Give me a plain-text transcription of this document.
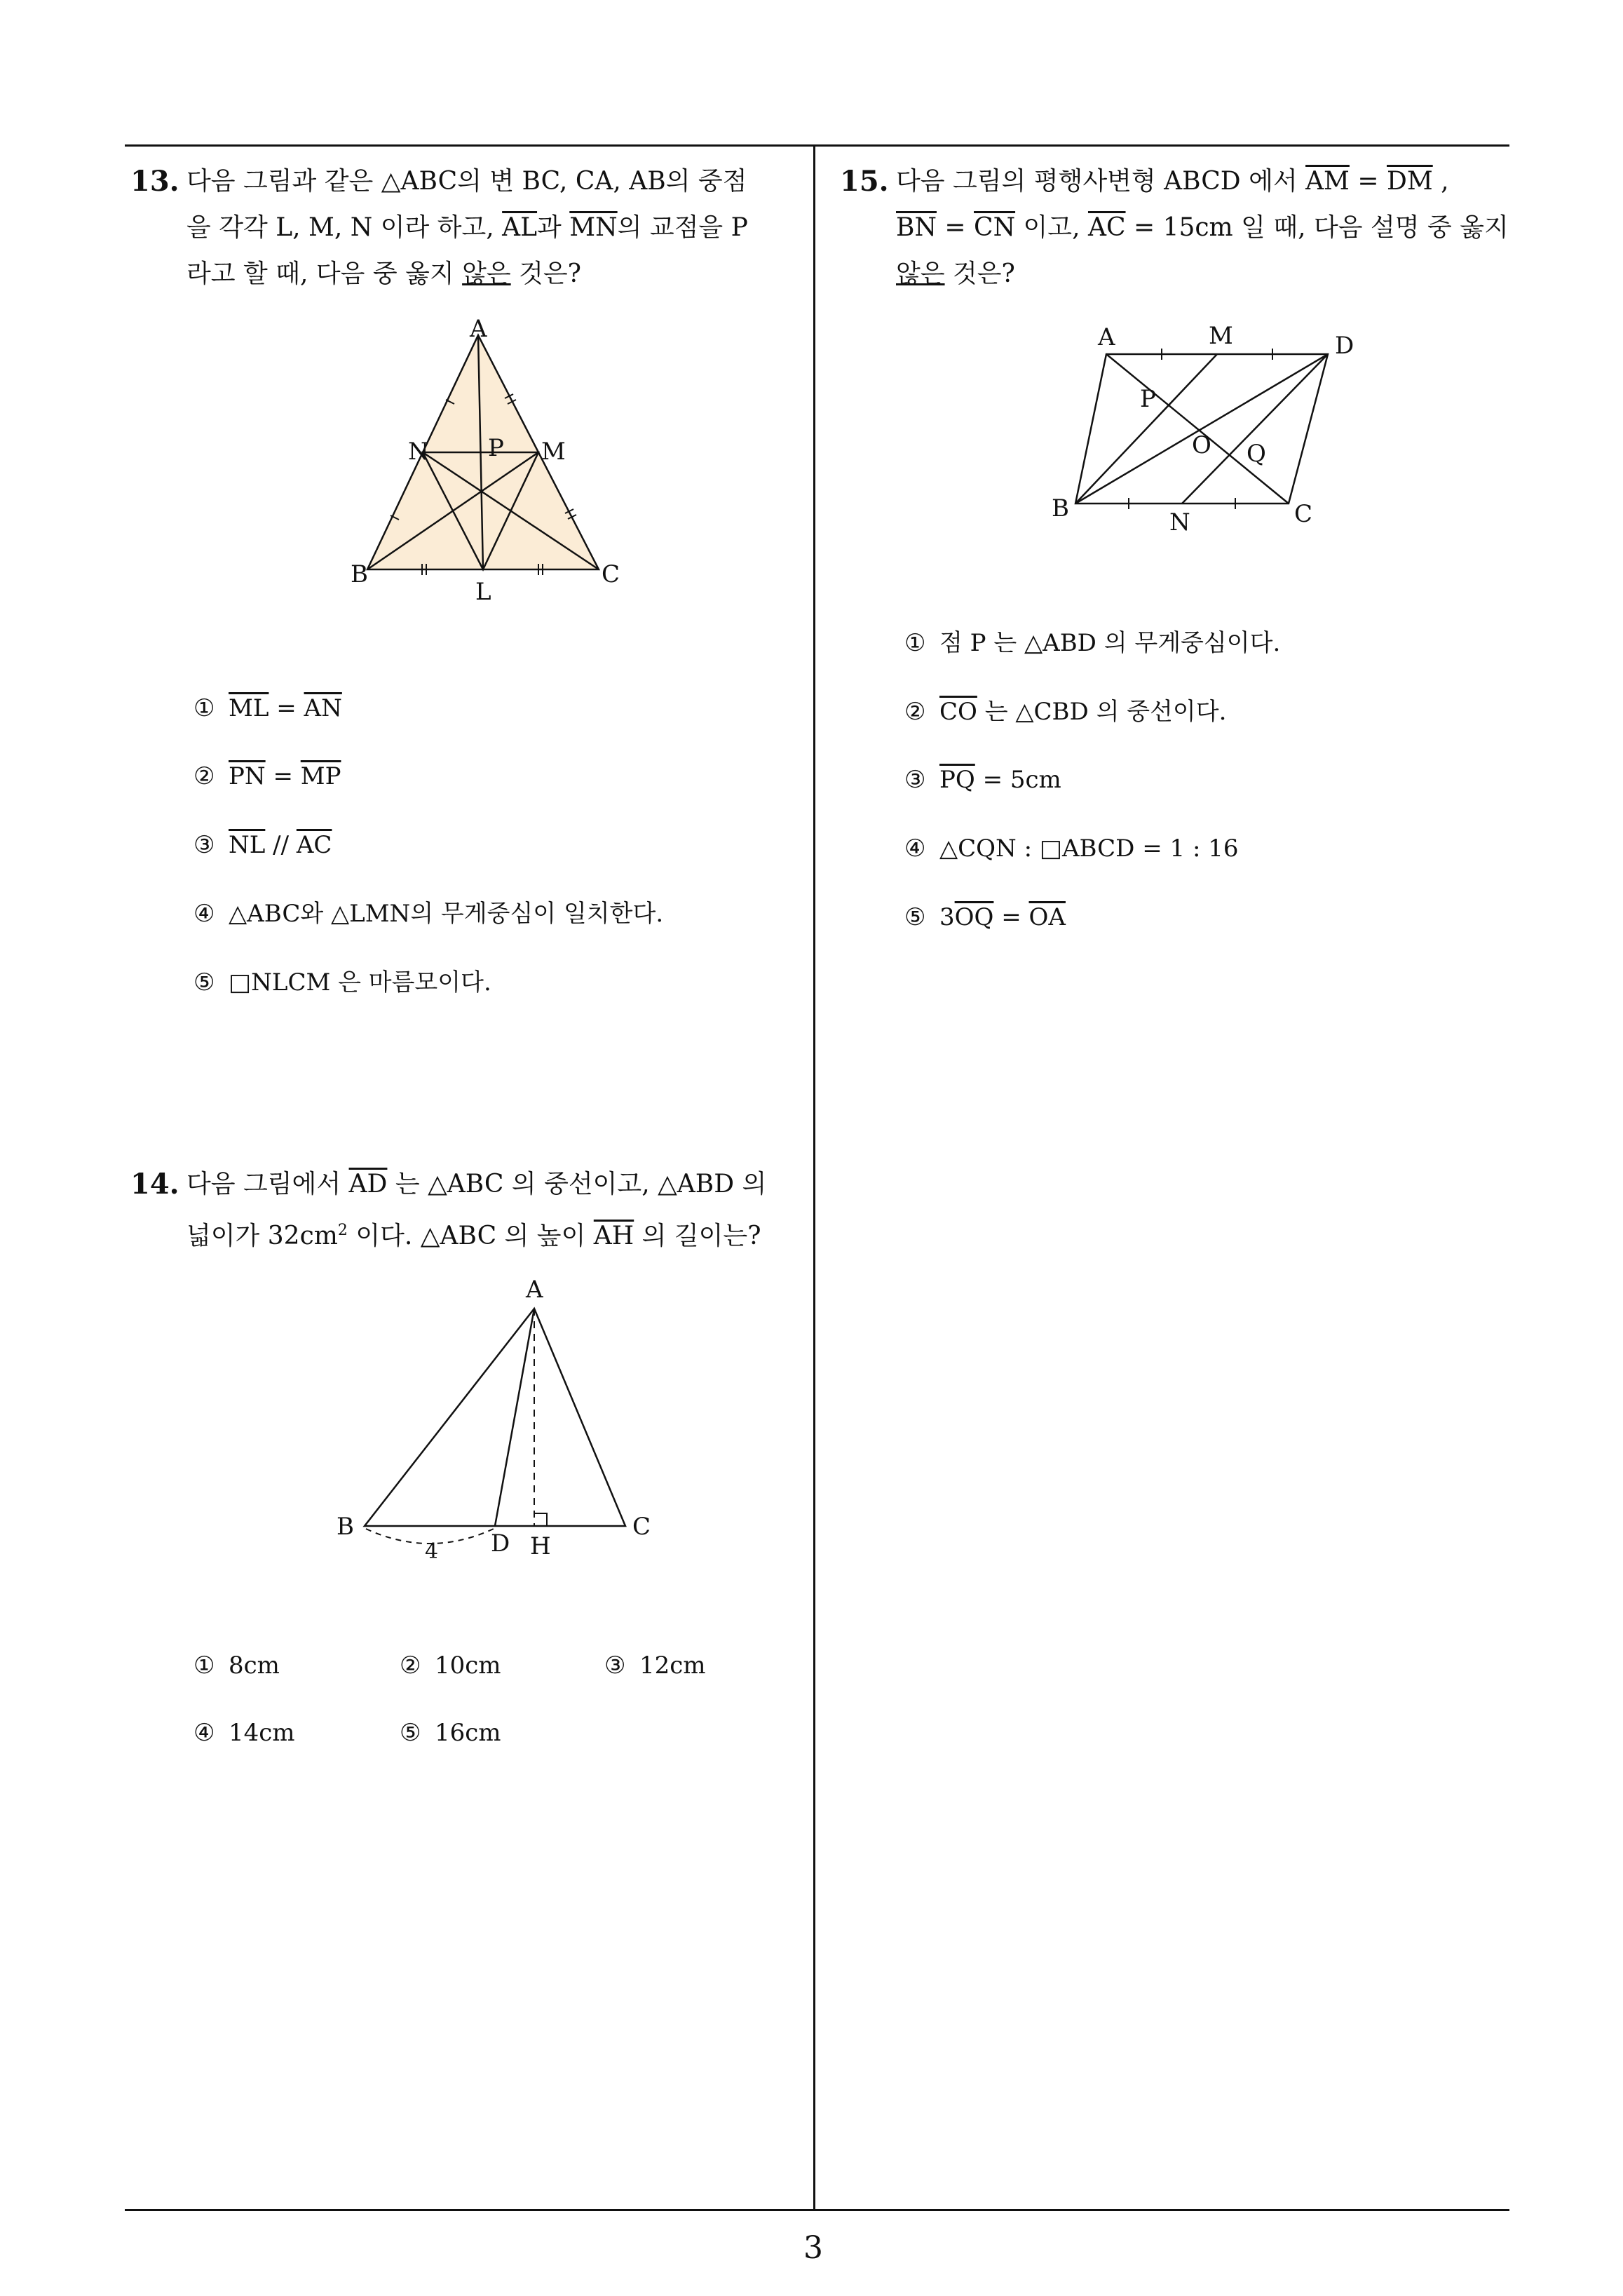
13. 다음 그림과 같은 △ABC의 변 BC, CA, AB의 중점
을 각각 L, M, N 이라 하고, $\overline{AL}$과 $\overline{MN}$의 교점을 P
라고 할 때, 다음 중 옳지 않은 것은?
A
B	C
L
M
N P
① $\overline{ML} = \overline{AN}$
② $\overline{PN} = \overline{MP}$
③ $\overline{NL} // \overline{AC}$
④ △ABC와 △LMN의 무게중심이 일치한다.
⑤ □NLCM 은 마름모이다.
14. 다음 그림에서 $\overline{AD}$ 는 △ABC 의 중선이고, △ABD 의
넓이가 $32cm^2$ 이다. △ABC 의 높이 $\overline{AH}$ 의 길이는?
A
B	C
D H
4
① 8cm	② 10cm	③ 12cm
④ 14cm	⑤ 16cm
15. 다음 그림의 평행사변형 ABCD 에서 $\overline{AM} = \overline{DM}$ ,
$\overline{BN} = \overline{CN}$ 이고, $\overline{AC} = 15cm$ 일 때, 다음 설명 중 옳지
않은 것은?
A	M	D
P
O Q
B	N	C
① 점 P 는 △ABD 의 무게중심이다.
② $\overline{CO}$ 는 △CBD 의 중선이다.
③ $\overline{PQ} = 5cm$
④ △CQN : □ABCD = 1 : 16
⑤ $3\overline{OQ} = \overline{OA}$
3
